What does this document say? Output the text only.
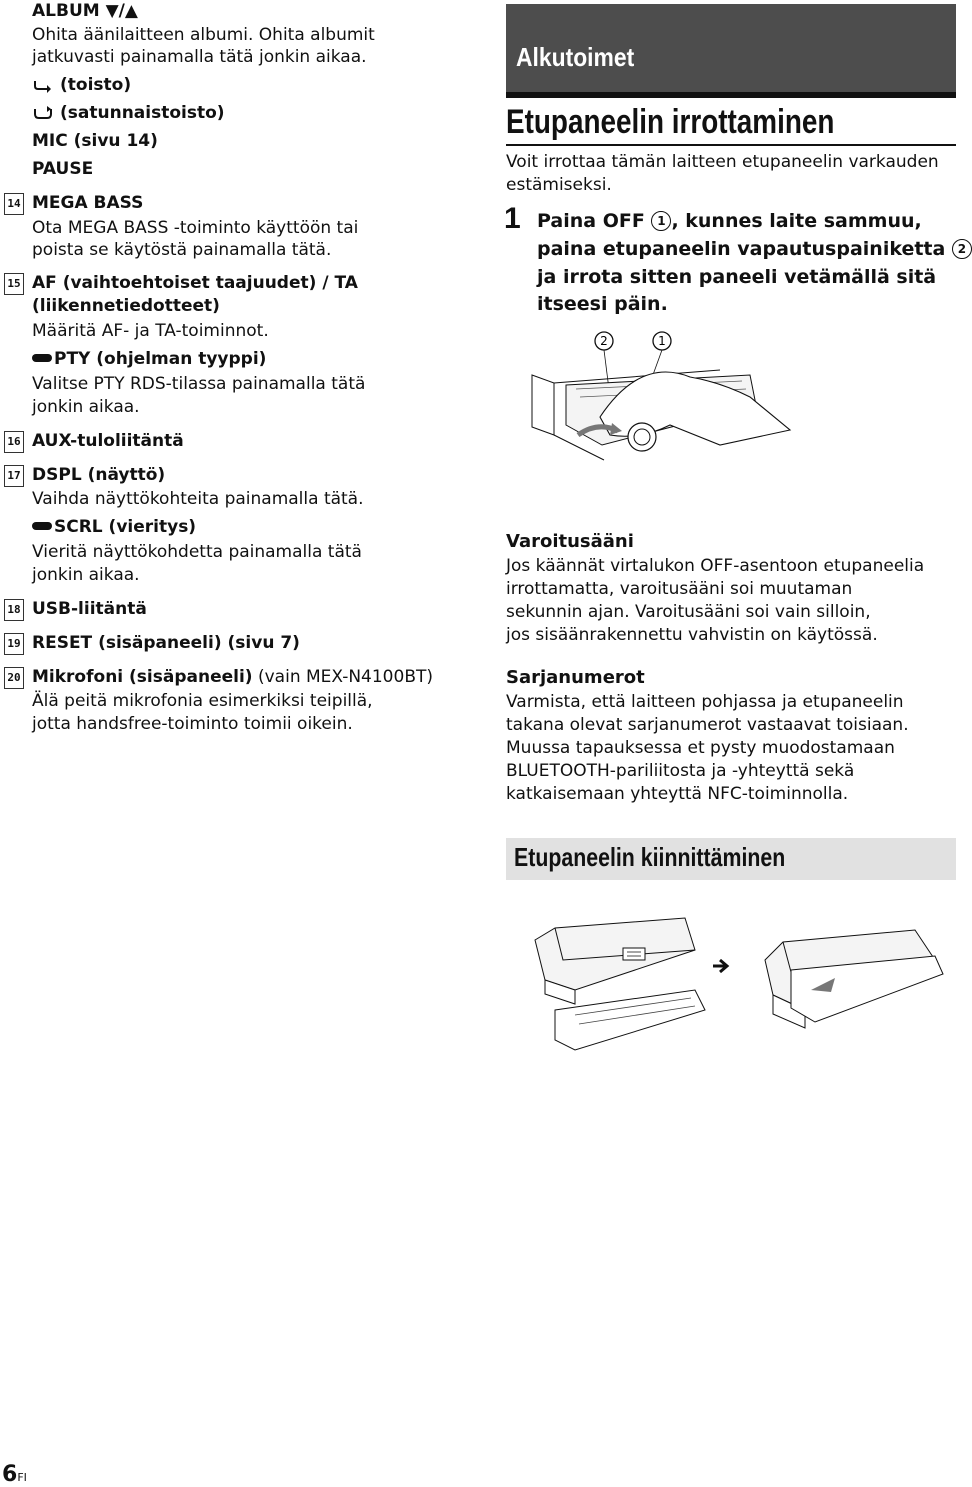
ALBUM ▼/▲
Ohita äänilaitteen albumi. Ohita albumit
jatkuvasti painamalla tätä jonkin aikaa.
(toisto)
(satunnaistoisto)
MIC (sivu 14)
PAUSE
14 MEGA BASS
Ota MEGA BASS -toiminto käyttöön tai
poista se käytöstä painamalla tätä.
15 AF (vaihtoehtoiset taajuudet) / TA
(liikennetiedotteet)
Määritä AF- ja TA-toiminnot.
PTY (ohjelman tyyppi)
Valitse PTY RDS-tilassa painamalla tätä
jonkin aikaa.
16 AUX-tuloliitäntä
17 DSPL (näyttö)
Vaihda näyttökohteita painamalla tätä.
SCRL (vieritys)
Vieritä näyttökohdetta painamalla tätä
jonkin aikaa.
18 USB-liitäntä
19 RESET (sisäpaneeli) (sivu 7)
20 Mikrofoni (sisäpaneeli) (vain MEX-N4100BT)
Älä peitä mikrofonia esimerkiksi teipillä,
jotta handsfree-toiminto toimii oikein.
Alkutoimet
Etupaneelin irrottaminen
Voit irrottaa tämän laitteen etupaneelin varkauden
estämiseksi.
1 Paina OFF 1 , kunnes laite sammuu,
paina etupaneelin vapautuspainiketta 2
ja irrota sitten paneeli vetämällä sitä
itseesi päin.
2	1
Varoitusääni
Jos käännät virtalukon OFF-asentoon etupaneelia
irrottamatta, varoitusääni soi muutaman
sekunnin ajan. Varoitusääni soi vain silloin,
jos sisäänrakennettu vahvistin on käytössä.
Sarjanumerot
Varmista, että laitteen pohjassa ja etupaneelin
takana olevat sarjanumerot vastaavat toisiaan.
Muussa tapauksessa et pysty muodostamaan
BLUETOOTH-pariliitosta ja -yhteyttä sekä
katkaisemaan yhteyttä NFC-toiminnolla.
Etupaneelin kiinnittäminen
6FI
